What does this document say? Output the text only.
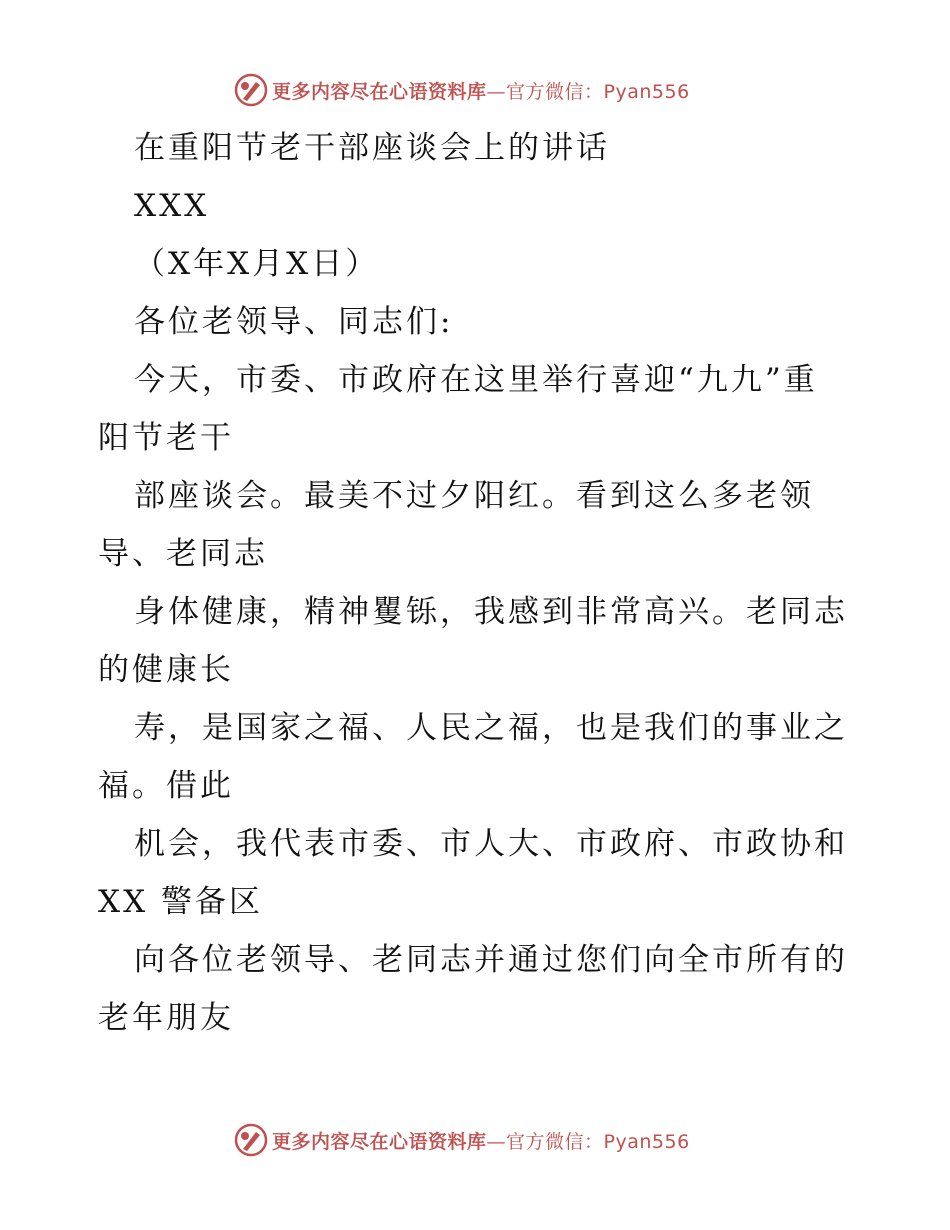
更多内容尽在心语资料库—官方微信：Pyan556
在重阳节老干部座谈会上的讲话
XXX
（X年X月X日）
各位老领导、同志们:
今天，市委、市政府在这里举行喜迎“九九”重
阳节老干
部座谈会。最美不过夕阳红。看到这么多老领
导、老同志
身体健康，精神矍铄，我感到非常高兴。老同志
的健康长
寿，是国家之福、人民之福，也是我们的事业之
福。借此
机会，我代表市委、市人大、市政府、市政协和
XX 警备区
向各位老领导、老同志并通过您们向全市所有的
老年朋友
更多内容尽在心语资料库—官方微信：Pyan556
